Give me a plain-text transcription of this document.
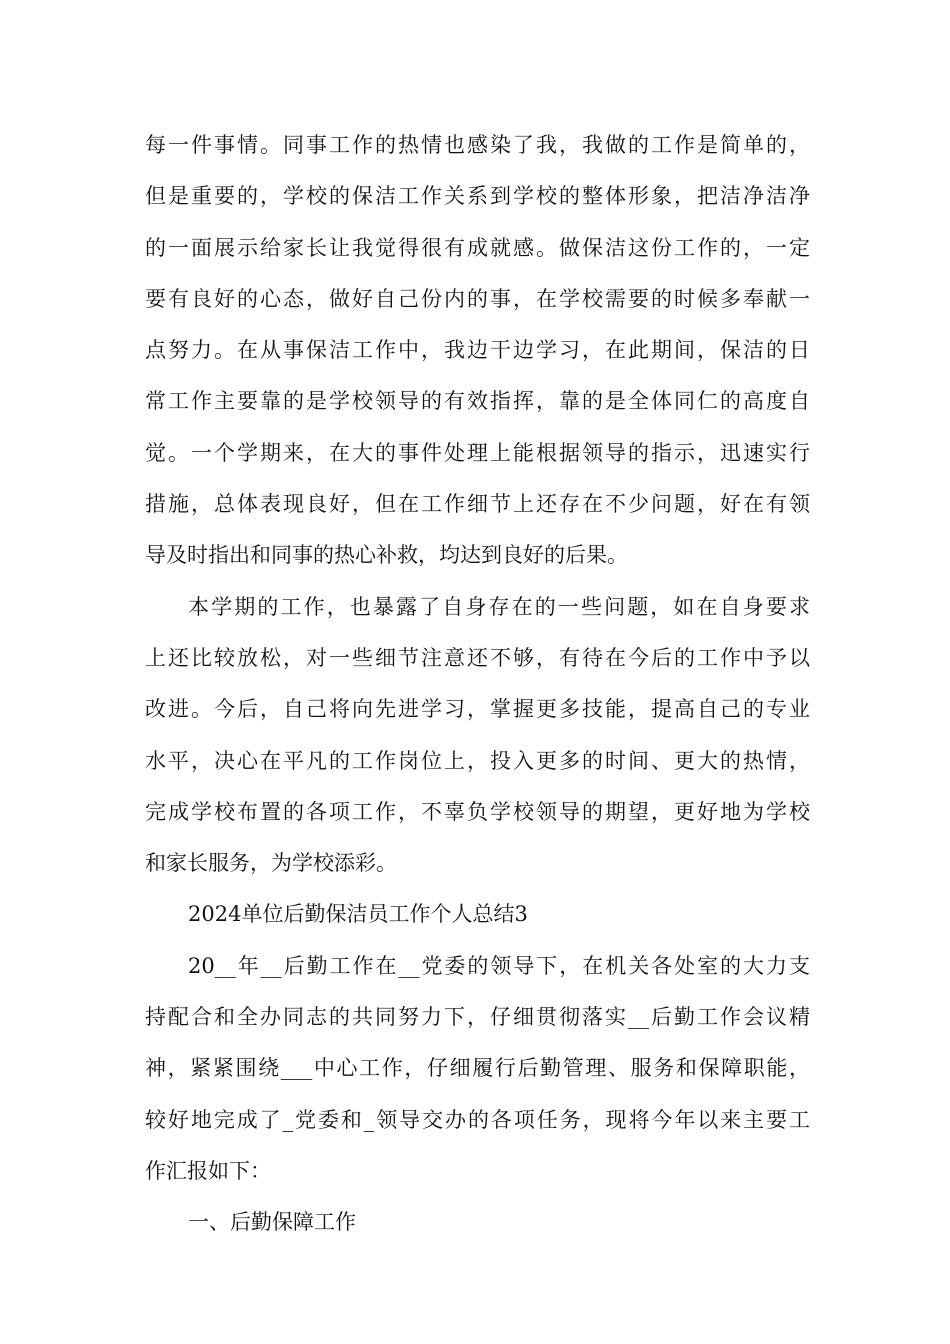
每一件事情。同事工作的热情也感染了我，我做的工作是简单的，
但是重要的，学校的保洁工作关系到学校的整体形象，把洁净洁净
的一面展示给家长让我觉得很有成就感。做保洁这份工作的，一定
要有良好的心态，做好自己份内的事，在学校需要的时候多奉献一
点努力。在从事保洁工作中，我边干边学习，在此期间，保洁的日
常工作主要靠的是学校领导的有效指挥，靠的是全体同仁的高度自
觉。一个学期来，在大的事件处理上能根据领导的指示，迅速实行
措施，总体表现良好，但在工作细节上还存在不少问题，好在有领
导及时指出和同事的热心补救，均达到良好的后果。
本学期的工作，也暴露了自身存在的一些问题，如在自身要求
上还比较放松，对一些细节注意还不够，有待在今后的工作中予以
改进。今后，自己将向先进学习，掌握更多技能，提高自己的专业
水平，决心在平凡的工作岗位上，投入更多的时间、更大的热情，
完成学校布置的各项工作，不辜负学校领导的期望，更好地为学校
和家长服务，为学校添彩。
2024单位后勤保洁员工作个人总结3
20__年__后勤工作在__党委的领导下，在机关各处室的大力支
持配合和全办同志的共同努力下，仔细贯彻落实__后勤工作会议精
神，紧紧围绕___中心工作，仔细履行后勤管理、服务和保障职能，
较好地完成了_党委和_领导交办的各项任务，现将今年以来主要工
作汇报如下：
一、后勤保障工作
